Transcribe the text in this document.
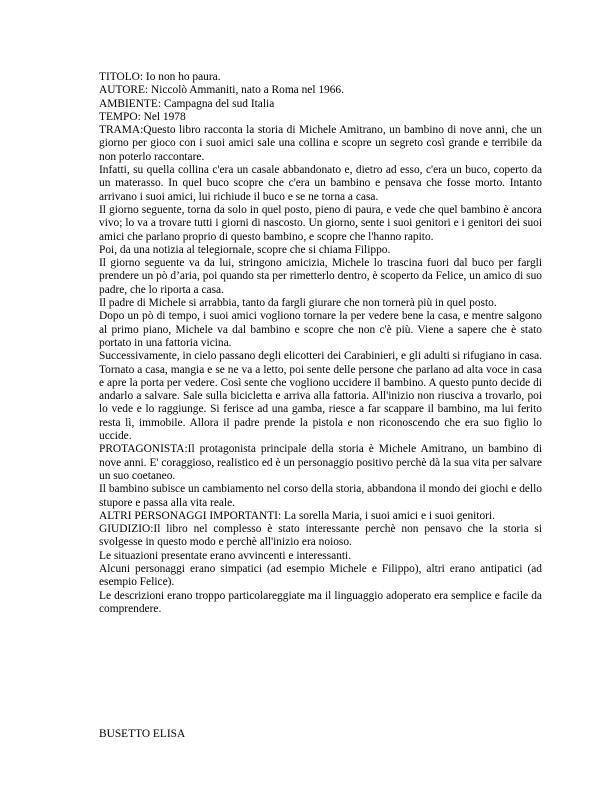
TITOLO: Io non ho paura.

AUTORE: Niccolò Ammaniti, nato a Roma nel 1966.

AMBIENTE: Campagna del sud Italia

TEMPO: Nel 1978

TRAMA:Questo libro racconta la storia di Michele Amitrano, un bambino di nove anni, che un giorno per gioco con i suoi amici sale una collina e scopre un segreto così grande e terribile da non poterlo raccontare.

Infatti, su quella collina c'era un casale abbandonato e, dietro ad esso, c'era un buco, coperto da un materasso. In quel buco scopre che c'era un bambino e pensava che fosse morto. Intanto arrivano i suoi amici, lui richiude il buco e se ne torna a casa.

Il giorno seguente, torna da solo in quel posto, pieno di paura, e vede che quel bambino è ancora vivo; lo va a trovare tutti i giorni di nascosto. Un giorno, sente i suoi genitori e i genitori dei suoi amici che parlano proprio di questo bambino, e scopre che l'hanno rapito.

Poi, da una notizia al telegiornale, scopre che si chiama Filippo.

Il giorno seguente va da lui, stringono amicizia, Michele lo trascina fuori dal buco per fargli prendere un pò d’aria, poi quando sta per rimetterlo dentro, è scoperto da Felice, un amico di suo padre, che lo riporta a casa.

Il padre di Michele si arrabbia, tanto da fargli giurare che non tornerà più in quel posto.

Dopo un pò di tempo, i suoi amici vogliono tornare la per vedere bene la casa, e mentre salgono al primo piano, Michele va dal bambino e scopre che non c'è più. Viene a sapere che è stato portato in una fattoria vicina.

Successivamente, in cielo passano degli elicotteri dei Carabinieri, e gli adulti si rifugiano in casa. Tornato a casa, mangia e se ne va a letto, poi sente delle persone che parlano ad alta voce in casa e apre la porta per vedere. Così sente che vogliono uccidere il bambino. A questo punto decide di andarlo a salvare. Sale sulla bicicletta e arriva alla fattoria. All'inizio non riusciva a trovarlo, poi lo vede e lo raggiunge. Si ferisce ad una gamba, riesce a far scappare il bambino, ma lui ferito resta lì, immobile. Allora il padre prende la pistola e non riconoscendo che era suo figlio lo uccide.

PROTAGONISTA:Il protagonista principale della storia è Michele Amitrano, un bambino di nove anni. E' coraggioso, realistico ed è un personaggio positivo perchè dà la sua vita per salvare un suo coetaneo.

Il bambino subisce un cambiamento nel corso della storia, abbandona il mondo dei giochi e dello stupore e passa alla vita reale.

ALTRI PERSONAGGI IMPORTANTI: La sorella Maria, i suoi amici e i suoi genitori.

GIUDIZIO:Il libro nel complesso è stato interessante perchè non pensavo che la storia si svolgesse in questo modo e perchè all'inizio era noioso.

Le situazioni presentate erano avvincenti e interessanti.

Alcuni personaggi erano simpatici (ad esempio Michele e Filippo), altri erano antipatici (ad esempio Felice).

Le descrizioni erano troppo particolareggiate ma il linguaggio adoperato era semplice e facile da comprendere.

BUSETTO ELISA
